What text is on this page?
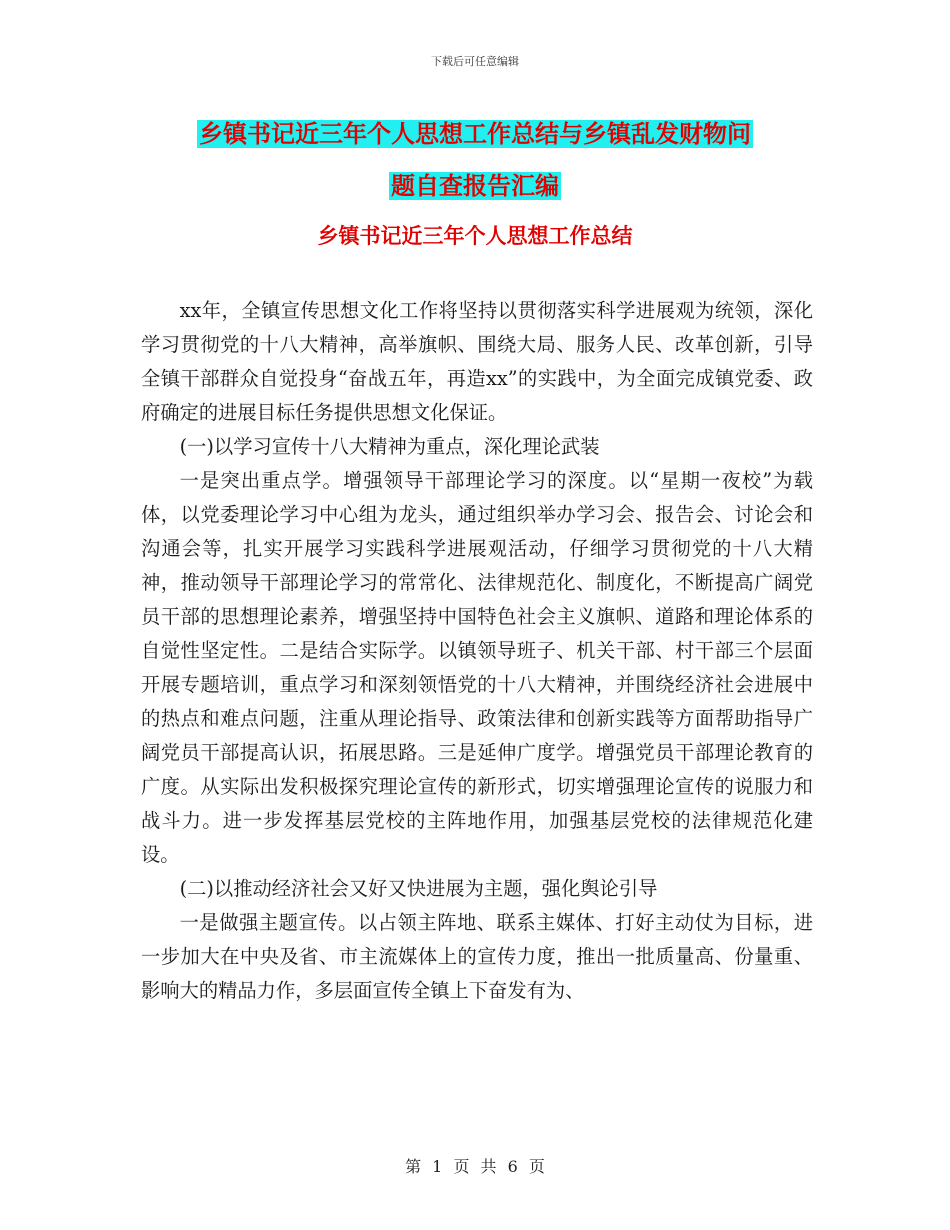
下载后可任意编辑
乡镇书记近三年个人思想工作总结与乡镇乱发财物问
题自查报告汇编
乡镇书记近三年个人思想工作总结

xx年，全镇宣传思想文化工作将坚持以贯彻落实科学进展观为统领，深化学习贯彻党的十八大精神，高举旗帜、围绕大局、服务人民、改革创新，引导全镇干部群众自觉投身“奋战五年，再造xx”的实践中，为全面完成镇党委、政府确定的进展目标任务提供思想文化保证。

(一)以学习宣传十八大精神为重点，深化理论武装

一是突出重点学。增强领导干部理论学习的深度。以“星期一夜校”为载体，以党委理论学习中心组为龙头，通过组织举办学习会、报告会、讨论会和沟通会等，扎实开展学习实践科学进展观活动，仔细学习贯彻党的十八大精神，推动领导干部理论学习的常常化、法律规范化、制度化，不断提高广阔党员干部的思想理论素养，增强坚持中国特色社会主义旗帜、道路和理论体系的自觉性坚定性。二是结合实际学。以镇领导班子、机关干部、村干部三个层面开展专题培训，重点学习和深刻领悟党的十八大精神，并围绕经济社会进展中的热点和难点问题，注重从理论指导、政策法律和创新实践等方面帮助指导广阔党员干部提高认识，拓展思路。三是延伸广度学。增强党员干部理论教育的广度。从实际出发积极探究理论宣传的新形式，切实增强理论宣传的说服力和战斗力。进一步发挥基层党校的主阵地作用，加强基层党校的法律规范化建设。

(二)以推动经济社会又好又快进展为主题，强化舆论引导

一是做强主题宣传。以占领主阵地、联系主媒体、打好主动仗为目标，进一步加大在中央及省、市主流媒体上的宣传力度，推出一批质量高、份量重、影响大的精品力作，多层面宣传全镇上下奋发有为、

第 1 页 共 6 页
